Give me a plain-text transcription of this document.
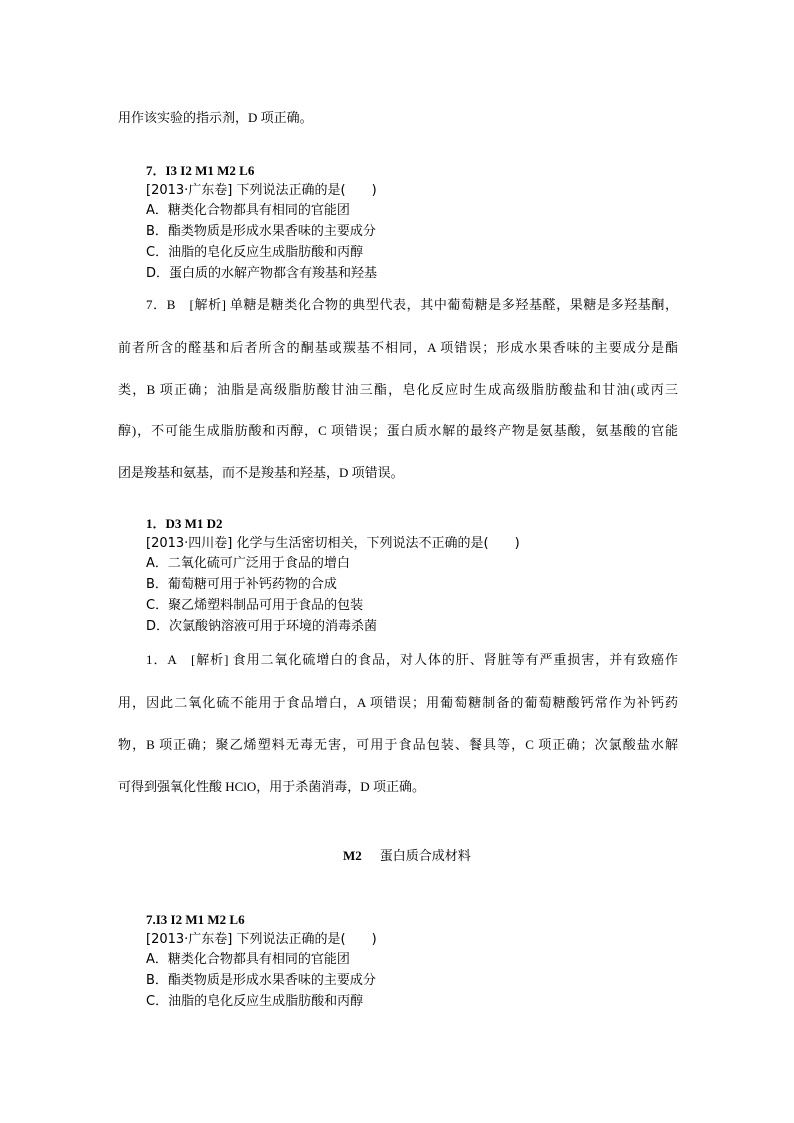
用作该实验的指示剂，D 项正确。
7．I3 I2 M1 M2 L6
[2013·广东卷] 下列说法正确的是(　　)
A．糖类化合物都具有相同的官能团
B．酯类物质是形成水果香味的主要成分
C．油脂的皂化反应生成脂肪酸和丙醇
D．蛋白质的水解产物都含有羧基和羟基
7．B　[解析] 单糖是糖类化合物的典型代表，其中葡萄糖是多羟基醛，果糖是多羟基酮，
前者所含的醛基和后者所含的酮基或羰基不相同，A 项错误；形成水果香味的主要成分是酯
类，B 项正确；油脂是高级脂肪酸甘油三酯，皂化反应时生成高级脂肪酸盐和甘油(或丙三
醇)，不可能生成脂肪酸和丙醇，C 项错误；蛋白质水解的最终产物是氨基酸，氨基酸的官能
团是羧基和氨基，而不是羧基和羟基，D 项错误。
1．D3 M1 D2
[2013·四川卷] 化学与生活密切相关，下列说法不正确的是(　　)
A．二氧化硫可广泛用于食品的增白
B．葡萄糖可用于补钙药物的合成
C．聚乙烯塑料制品可用于食品的包装
D．次氯酸钠溶液可用于环境的消毒杀菌
1．A　[解析] 食用二氧化硫增白的食品，对人体的肝、肾脏等有严重损害，并有致癌作
用，因此二氧化硫不能用于食品增白，A 项错误；用葡萄糖制备的葡萄糖酸钙常作为补钙药
物，B 项正确；聚乙烯塑料无毒无害，可用于食品包装、餐具等，C 项正确；次氯酸盐水解
可得到强氧化性酸 HClO，用于杀菌消毒，D 项正确。
M2 蛋白质合成材料
7.I3 I2 M1 M2 L6
[2013·广东卷] 下列说法正确的是(　　)
A．糖类化合物都具有相同的官能团
B．酯类物质是形成水果香味的主要成分
C．油脂的皂化反应生成脂肪酸和丙醇
